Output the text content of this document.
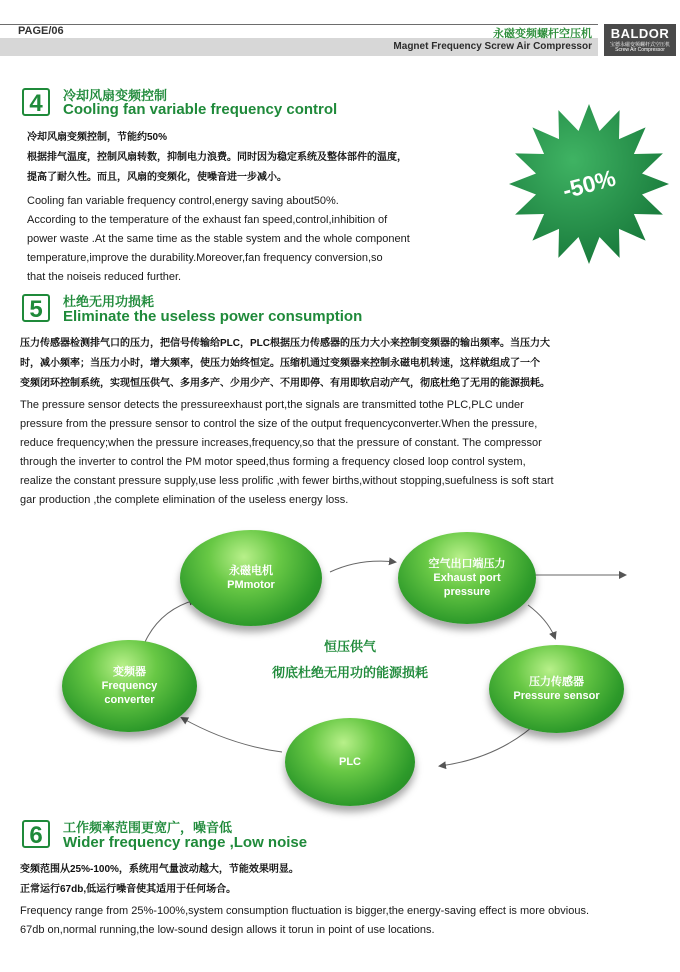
PAGE/06	永磁变频螺杆空压机
Magnet Frequency Screw Air Compressor
BALDOR
宝德永磁变频螺杆式空压机
Screw Air Compressor
4	冷却风扇变频控制
Cooling fan variable frequency control
冷却风扇变频控制，节能约50%
根据排气温度，控制风扇转数，抑制电力浪费。同时因为稳定系统及整体部件的温度，
提高了耐久性。而且，风扇的变频化，使噪音进一步减小。
Cooling fan variable frequency control,energy saving about50%.
According to the temperature of the exhaust fan speed,control,inhibition of
power waste .At the same time as the stable system and the whole component
temperature,improve the durability.Moreover,fan frequency conversion,so
that the noiseis reduced further.
-50%
5	杜绝无用功损耗
Eliminate the useless power consumption
压力传感器检测排气口的压力，把信号传输给PLC，PLC根据压力传感器的压力大小来控制变频器的输出频率。当压力大
时，减小频率；当压力小时，增大频率，使压力始终恒定。压缩机通过变频器来控制永磁电机转速，这样就组成了一个
变频闭环控制系统，实现恒压供气、多用多产、少用少产、不用即停、有用即软启动产气，彻底杜绝了无用的能源损耗。
The pressure sensor detects the pressureexhaust port,the signals are transmitted tothe PLC,PLC under
pressure from the pressure sensor to control the size of the output frequencyconverter.When the pressure,
reduce frequency;when the pressure increases,frequency,so that the pressure of constant. The compressor
through the inverter to control the PM motor speed,thus forming a frequency closed loop control system,
realize the constant pressure supply,use less prolific ,with fewer births,without stopping,suefulness is soft start
gar production ,the complete elimination of the useless energy loss.
永磁电机
PMmotor
空气出口端压力
Exhaust port
pressure
压力传感器
Pressure sensor
PLC
变频器
Frequency
converter
恒压供气
彻底杜绝无用功的能源损耗
6	工作频率范围更宽广，噪音低
Wider frequency range ,Low noise
变频范围从25%-100%，系统用气量波动越大，节能效果明显。
正常运行67db,低运行噪音使其适用于任何场合。
Frequency range from 25%-100%,system consumption fluctuation is bigger,the energy-saving effect is more obvious.
67db on,normal running,the low-sound design allows it torun in point of use locations.
